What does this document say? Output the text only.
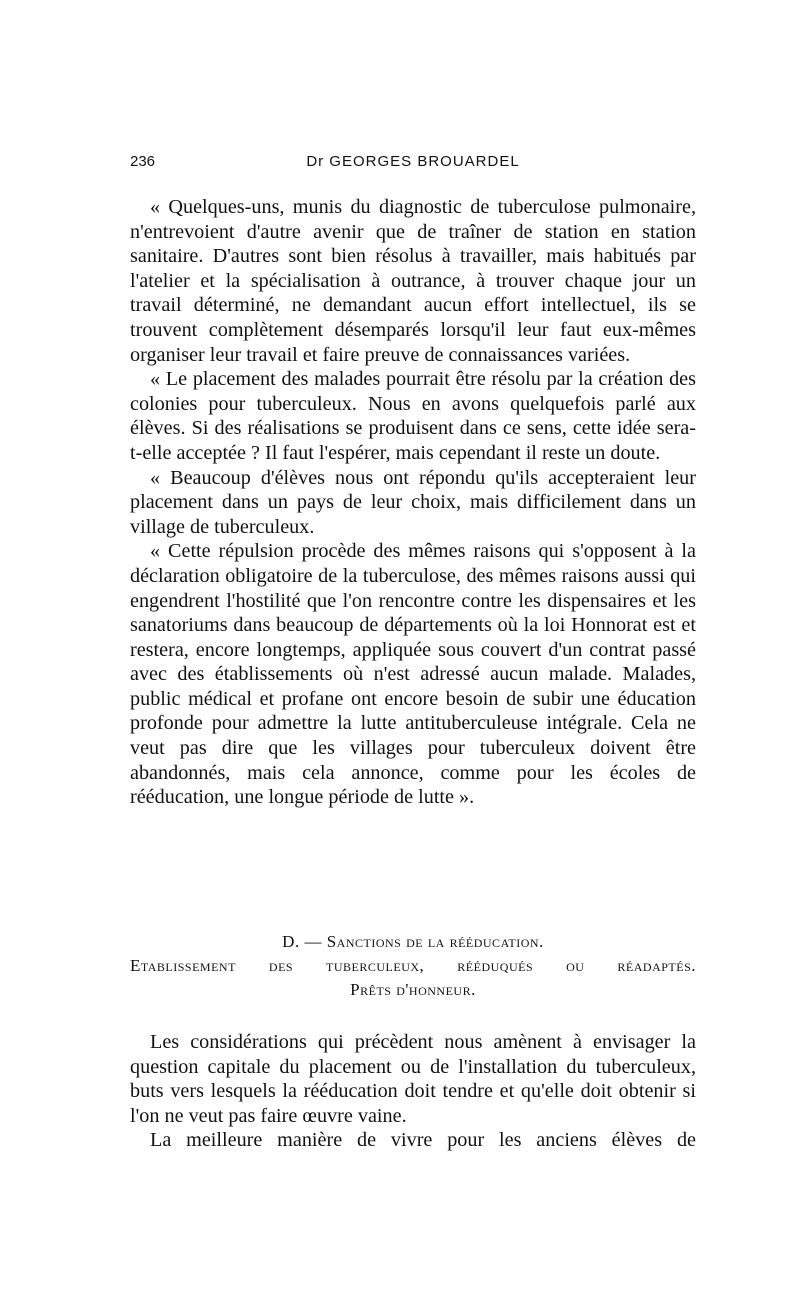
236	Dr GEORGES BROUARDEL

« Quelques-uns, munis du diagnostic de tuberculose pulmonaire, n'entrevoient d'autre avenir que de traîner de station en station sanitaire. D'autres sont bien résolus à travailler, mais habitués par l'atelier et la spécialisation à outrance, à trouver chaque jour un travail déterminé, ne demandant aucun effort intellectuel, ils se trouvent complètement désemparés lorsqu'il leur faut eux-mêmes organiser leur travail et faire preuve de connaissances variées.

« Le placement des malades pourrait être résolu par la création des colonies pour tuberculeux. Nous en avons quelquefois parlé aux élèves. Si des réalisations se produisent dans ce sens, cette idée sera-t-elle acceptée ? Il faut l'espérer, mais cependant il reste un doute.

« Beaucoup d'élèves nous ont répondu qu'ils accepteraient leur placement dans un pays de leur choix, mais difficilement dans un village de tuberculeux.

« Cette répulsion procède des mêmes raisons qui s'opposent à la déclaration obligatoire de la tuberculose, des mêmes raisons aussi qui engendrent l'hostilité que l'on rencontre contre les dispensaires et les sanatoriums dans beaucoup de départements où la loi Honnorat est et restera, encore longtemps, appliquée sous couvert d'un contrat passé avec des établissements où n'est adressé aucun malade. Malades, public médical et profane ont encore besoin de subir une éducation profonde pour admettre la lutte antituberculeuse intégrale. Cela ne veut pas dire que les villages pour tuberculeux doivent être abandonnés, mais cela annonce, comme pour les écoles de rééducation, une longue période de lutte ».

D. — Sanctions de la rééducation.
Etablissement des tuberculeux, rééduqués ou réadaptés.
Prêts d'honneur.

Les considérations qui précèdent nous amènent à envisager la question capitale du placement ou de l'installation du tuberculeux, buts vers lesquels la rééducation doit tendre et qu'elle doit obtenir si l'on ne veut pas faire œuvre vaine.

La meilleure manière de vivre pour les anciens élèves de
